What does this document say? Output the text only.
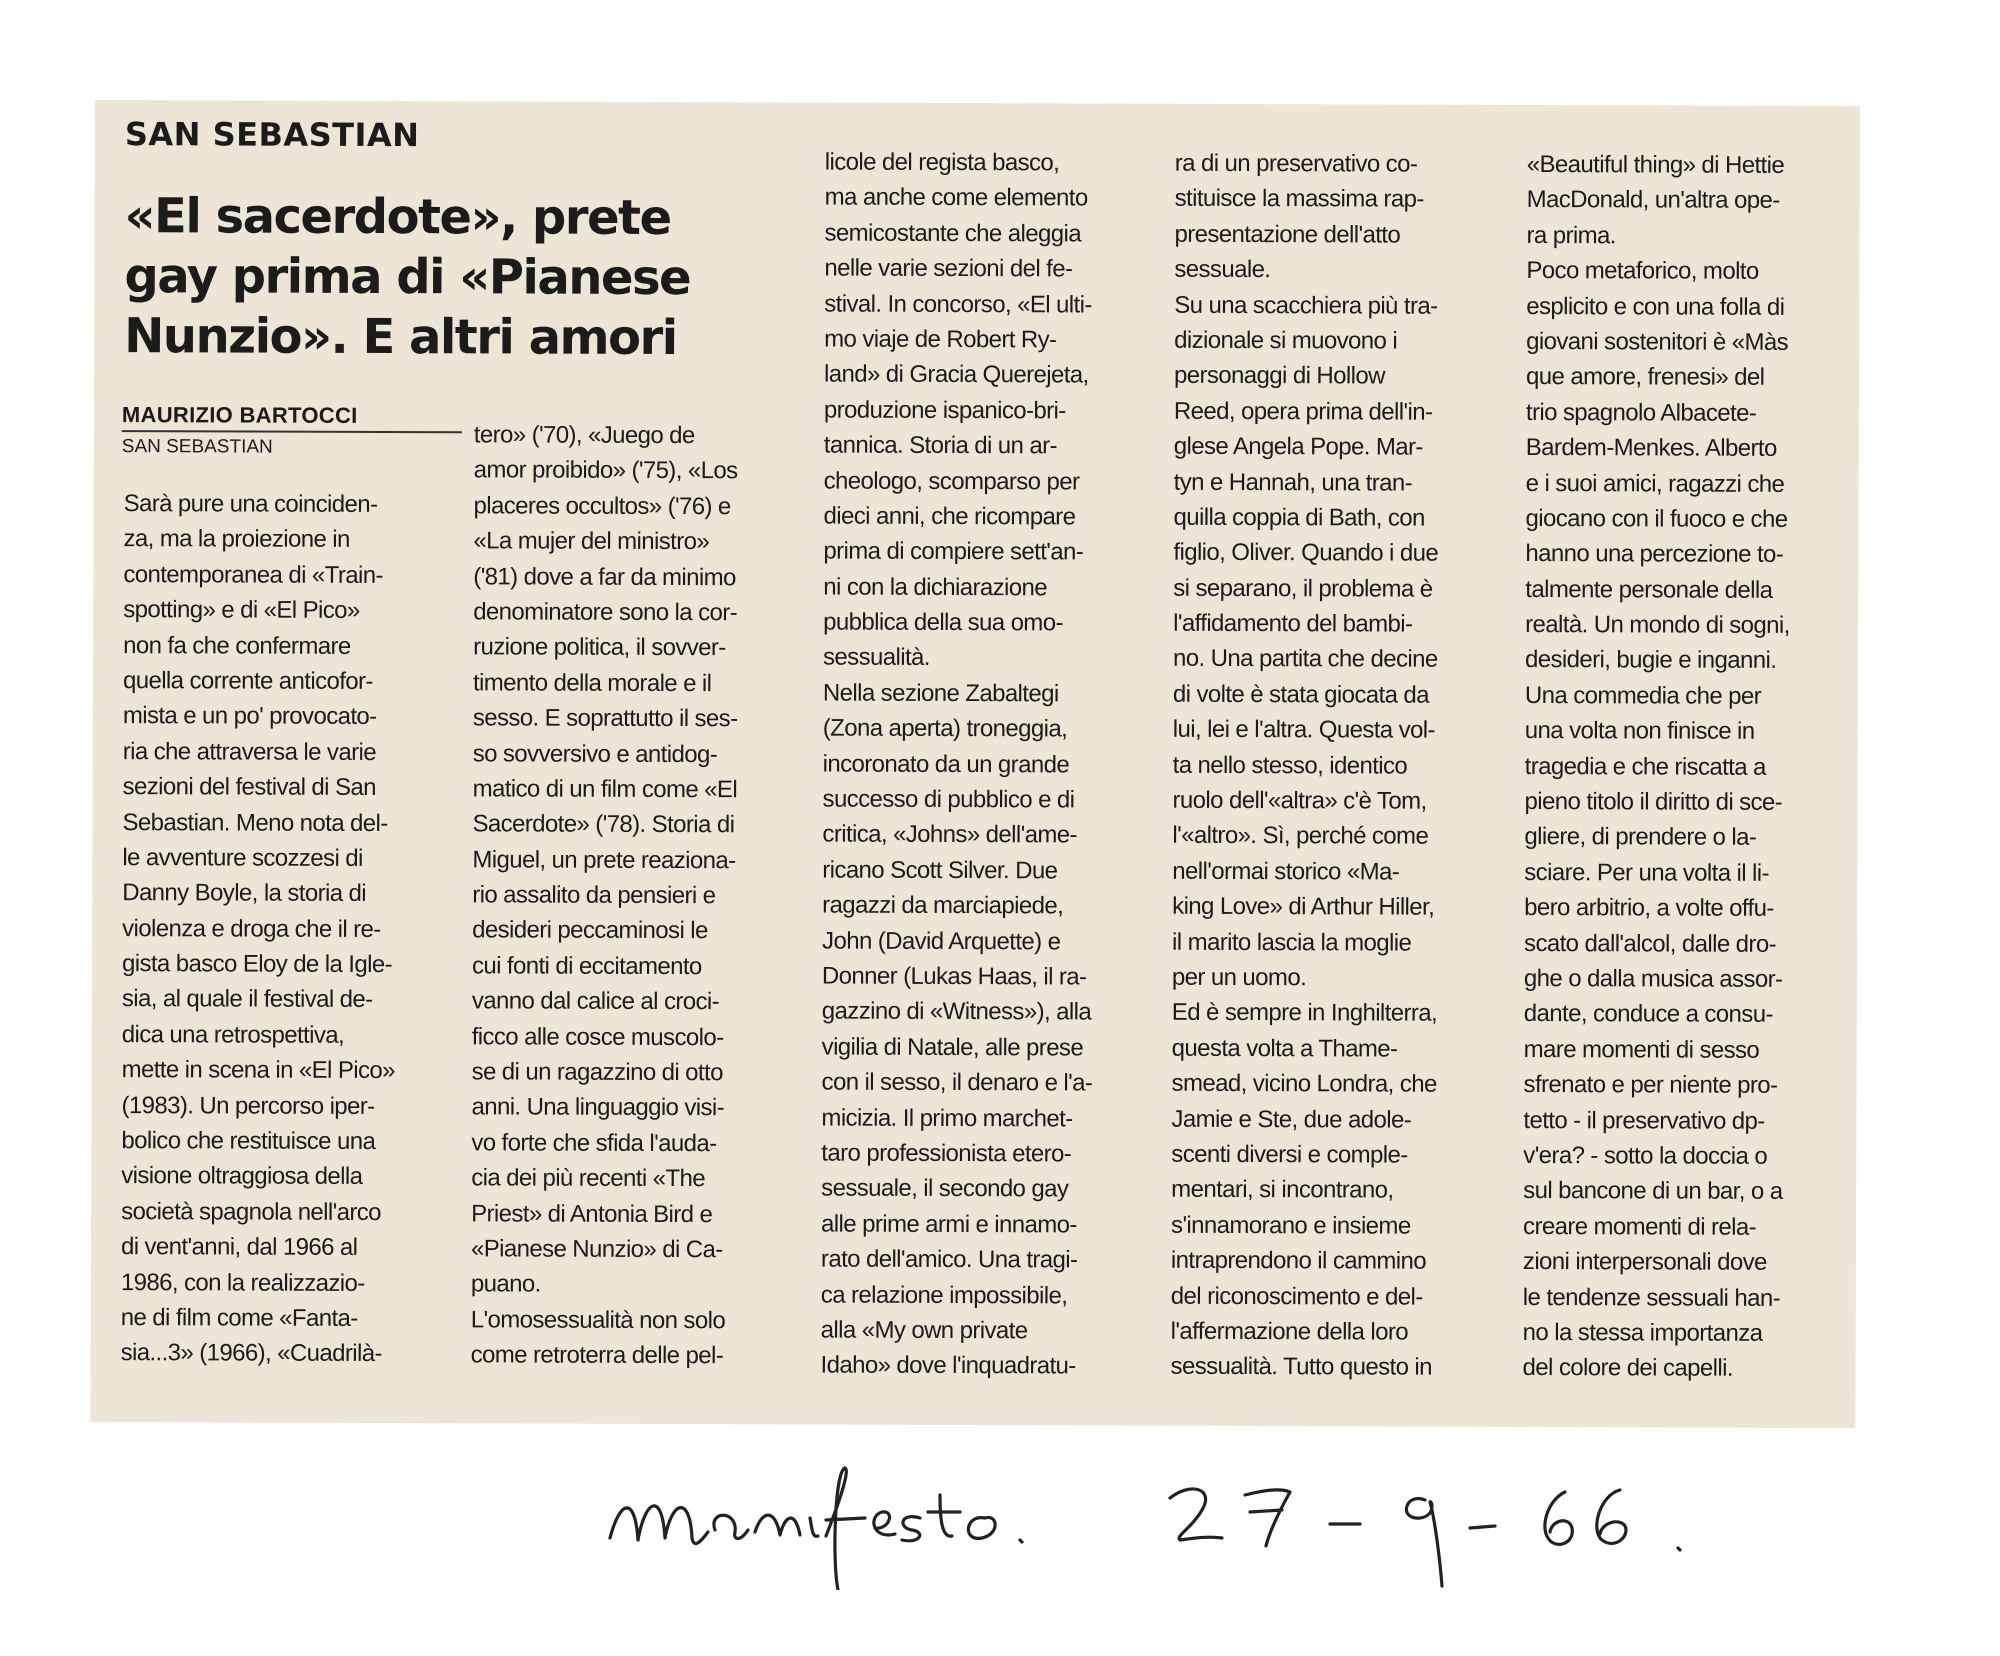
SAN SEBASTIAN
«El sacerdote», prete
gay prima di «Pianese
Nunzio». E altri amori
MAURIZIO BARTOCCI
SAN SEBASTIAN
Sarà pure una coinciden-
za, ma la proiezione in
contemporanea di «Train-
spotting» e di «El Pico»
non fa che confermare
quella corrente anticofor-
mista e un po' provocato-
ria che attraversa le varie
sezioni del festival di San
Sebastian. Meno nota del-
le avventure scozzesi di
Danny Boyle, la storia di
violenza e droga che il re-
gista basco Eloy de la Iglе-
sia, al quale il festival de-
dica una retrospettiva,
mette in scena in «El Pico»
(1983). Un percorso iper-
bolico che restituisce una
visione oltraggiosa della
società spagnola nell'arco
di vent'anni, dal 1966 al
1986, con la realizzazio-
ne di film come «Fanta-
sia...3» (1966), «Cuadrilà-
tero» ('70), «Juego de
amor proibido» ('75), «Los
placeres occultos» ('76) e
«La mujer del ministro»
('81) dove a far da minimo
denominatore sono la cor-
ruzione politica, il sovver-
timento della morale e il
sesso. E soprattutto il ses-
so sovversivo e antidog-
matico di un film come «El
Sacerdote» ('78). Storia di
Miguel, un prete reaziona-
rio assalito da pensieri e
desideri peccaminosi le
cui fonti di eccitamento
vanno dal calice al croci-
ficco alle cosce muscolo-
se di un ragazzino di otto
anni. Una linguaggio visi-
vo forte che sfida l'auda-
cia dei più recenti «The
Priest» di Antonia Bird e
«Pianese Nunzio» di Ca-
puano.
L'omosessualità non solo
come retroterra delle pel-
licole del regista basco,
ma anche come elemento
semicostante che aleggia
nelle varie sezioni del fe-
stival. In concorso, «El ulti-
mo viaje de Robert Ry-
land» di Gracia Querejeta,
produzione ispanico-bri-
tannica. Storia di un ar-
cheologo, scomparso per
dieci anni, che ricompare
prima di compiere sett'an-
ni con la dichiarazione
pubblica della sua omo-
sessualità.
Nella sezione Zabaltegi
(Zona aperta) troneggia,
incoronato da un grande
successo di pubblico e di
critica, «Johns» dell'ame-
ricano Scott Silver. Due
ragazzi da marciapiede,
John (David Arquette) e
Donner (Lukas Haas, il ra-
gazzino di «Witness»), alla
vigilia di Natale, alle prese
con il sesso, il denaro e l'a-
micizia. Il primo marchet-
taro professionista etero-
sessuale, il secondo gay
alle prime armi e innamo-
rato dell'amico. Una tragi-
ca relazione impossibile,
alla «My own private
Idaho» dove l'inquadratu-
ra di un preservativo co-
stituisce la massima rap-
presentazione dell'atto
sessuale.
Su una scacchiera più tra-
dizionale si muovono i
personaggi di Hollow
Reed, opera prima dell'in-
glese Angela Pope. Mar-
tyn e Hannah, una tran-
quilla coppia di Bath, con
figlio, Oliver. Quando i due
si separano, il problema è
l'affidamento del bambi-
no. Una partita che decine
di volte è stata giocata da
lui, lei e l'altra. Questa vol-
ta nello stesso, identico
ruolo dell'«altra» c'è Tom,
l'«altro». Sì, perché come
nell'ormai storico «Ma-
king Love» di Arthur Hiller,
il marito lascia la moglie
per un uomo.
Ed è sempre in Inghilterra,
questa volta a Thame-
smead, vicino Londra, che
Jamie e Ste, due adole-
scenti diversi e comple-
mentari, si incontrano,
s'innamorano e insieme
intraprendono il cammino
del riconoscimento e del-
l'affermazione della loro
sessualità. Tutto questo in
«Beautiful thing» di Hettie
MacDonald, un'altra ope-
ra prima.
Poco metaforico, molto
esplicito e con una folla di
giovani sostenitori è «Màs
que amore, frenesi» del
trio spagnolo Albacete-
Bardem-Menkes. Alberto
e i suoi amici, ragazzi che
giocano con il fuoco e che
hanno una percezione to-
talmente personale della
realtà. Un mondo di sogni,
desideri, bugie e inganni.
Una commedia che per
una volta non finisce in
tragedia e che riscatta a
pieno titolo il diritto di sce-
gliere, di prendere o la-
sciare. Per una volta il li-
bero arbitrio, a volte offu-
scato dall'alcol, dalle dro-
ghe o dalla musica assor-
dante, conduce a consu-
mare momenti di sesso
sfrenato e per niente pro-
tetto - il preservativo dp-
v'era? - sotto la doccia o
sul bancone di un bar, o a
creare momenti di rela-
zioni interpersonali dove
le tendenze sessuali han-
no la stessa importanza
del colore dei capelli.
